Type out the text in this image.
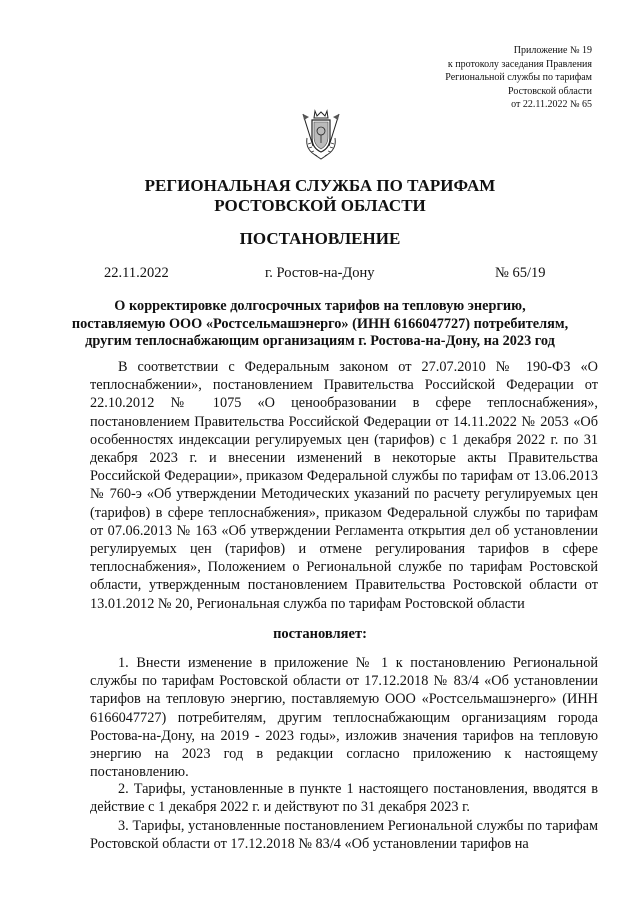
Приложение № 19
к протоколу заседания Правления
Региональной службы по тарифам
Ростовской области
от 22.11.2022 № 65
РЕГИОНАЛЬНАЯ СЛУЖБА ПО ТАРИФАМ
РОСТОВСКОЙ ОБЛАСТИ
ПОСТАНОВЛЕНИЕ
22.11.2022	г. Ростов-на-Дону	№ 65/19
О корректировке долгосрочных тарифов на тепловую энергию,
поставляемую ООО «Ростсельмашэнерго» (ИНН 6166047727) потребителям,
другим теплоснабжающим организациям г. Ростова-на-Дону, на 2023 год
В соответствии с Федеральным законом от 27.07.2010 № 190-ФЗ «О теплоснабжении», постановлением Правительства Российской Федерации от 22.10.2012 № 1075 «О ценообразовании в сфере теплоснабжения», постановлением Правительства Российской Федерации от 14.11.2022 № 2053 «Об особенностях индексации регулируемых цен (тарифов) с 1 декабря 2022 г. по 31 декабря 2023 г. и внесении изменений в некоторые акты Правительства Российской Федерации», приказом Федеральной службы по тарифам от 13.06.2013 № 760-э «Об утверждении Методических указаний по расчету регулируемых цен (тарифов) в сфере теплоснабжения», приказом Федеральной службы по тарифам от 07.06.2013 № 163 «Об утверждении Регламента открытия дел об установлении регулируемых цен (тарифов) и отмене регулирования тарифов в сфере теплоснабжения», Положением о Региональной службе по тарифам Ростовской области, утвержденным постановлением Правительства Ростовской области от 13.01.2012 № 20, Региональная служба по тарифам Ростовской области
постановляет:
1. Внести изменение в приложение № 1 к постановлению Региональной службы по тарифам Ростовской области от 17.12.2018 № 83/4 «Об установлении тарифов на тепловую энергию, поставляемую ООО «Ростсельмашэнерго» (ИНН 6166047727) потребителям, другим теплоснабжающим организациям города Ростова-на-Дону, на 2019 - 2023 годы», изложив значения тарифов на тепловую энергию на 2023 год в редакции согласно приложению к настоящему постановлению.
2. Тарифы, установленные в пункте 1 настоящего постановления, вводятся в действие с 1 декабря 2022 г. и действуют по 31 декабря 2023 г.
3. Тарифы, установленные постановлением Региональной службы по тарифам Ростовской области от 17.12.2018 № 83/4 «Об установлении тарифов на
